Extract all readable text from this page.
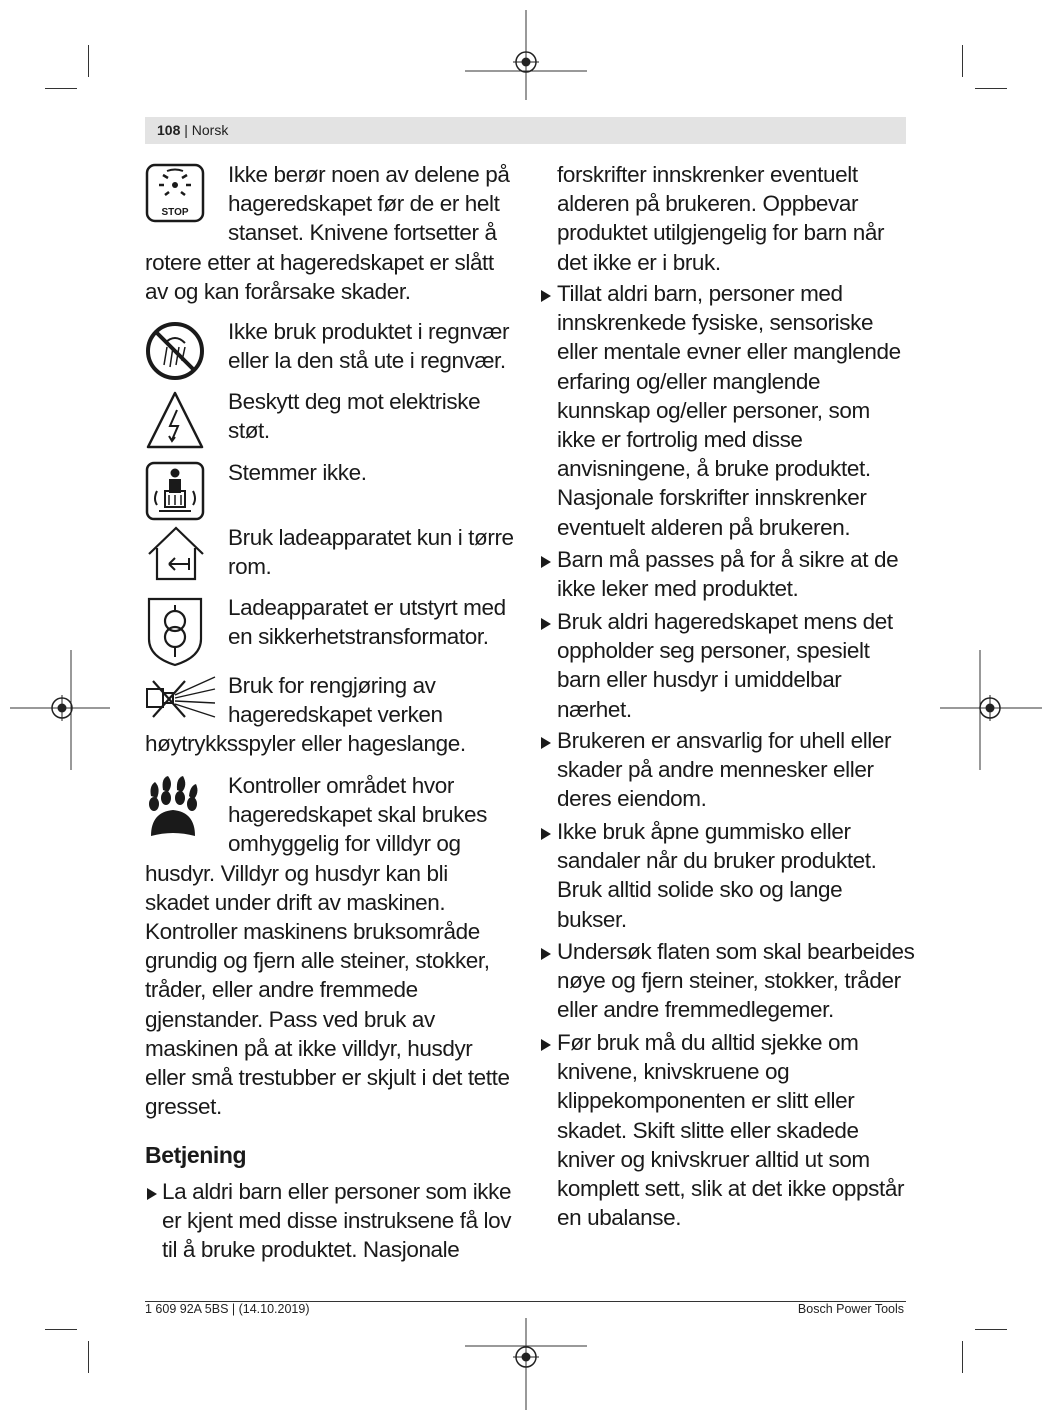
108 | Norsk
STOP
Ikke berør noen av delene på
hageredskapet før de er helt
stanset. Knivene fortsetter å
rotere etter at hageredskapet er slått
av og kan forårsake skader.
Ikke bruk produktet i regnvær
eller la den stå ute i regnvær.
Beskytt deg mot elektriske
støt.
Stemmer ikke.
Bruk ladeapparatet kun i tørre
rom.
Ladeapparatet er utstyrt med
en sikkerhetstransformator.
Bruk for rengjøring av
hageredskapet verken
høytrykksspyler eller hageslange.
Kontroller området hvor
hageredskapet skal brukes
omhyggelig for villdyr og
husdyr. Villdyr og husdyr kan bli
skadet under drift av maskinen.
Kontroller maskinens bruksområde
grundig og fjern alle steiner, stokker,
tråder, eller andre fremmede
gjenstander. Pass ved bruk av
maskinen på at ikke villdyr, husdyr
eller små trestubber er skjult i det tette
gresset.
Betjening
La aldri barn eller personer som ikke
er kjent med disse instruksene få lov
til å bruke produktet. Nasjonale
forskrifter innskrenker eventuelt
alderen på brukeren. Oppbevar
produktet utilgjengelig for barn når
det ikke er i bruk.
Tillat aldri barn, personer med
innskrenkede fysiske, sensoriske
eller mentale evner eller manglende
erfaring og/eller manglende
kunnskap og/eller personer, som
ikke er fortrolig med disse
anvisningene, å bruke produktet.
Nasjonale forskrifter innskrenker
eventuelt alderen på brukeren.
Barn må passes på for å sikre at de
ikke leker med produktet.
Bruk aldri hageredskapet mens det
oppholder seg personer, spesielt
barn eller husdyr i umiddelbar
nærhet.
Brukeren er ansvarlig for uhell eller
skader på andre mennesker eller
deres eiendom.
Ikke bruk åpne gummisko eller
sandaler når du bruker produktet.
Bruk alltid solide sko og lange
bukser.
Undersøk flaten som skal bearbeides
nøye og fjern steiner, stokker, tråder
eller andre fremmedlegemer.
Før bruk må du alltid sjekke om
knivene, knivskruene og
klippekomponenten er slitt eller
skadet. Skift slitte eller skadede
kniver og knivskruer alltid ut som
komplett sett, slik at det ikke oppstår
en ubalanse.
1 609 92A 5BS | (14.10.2019)	Bosch Power Tools
